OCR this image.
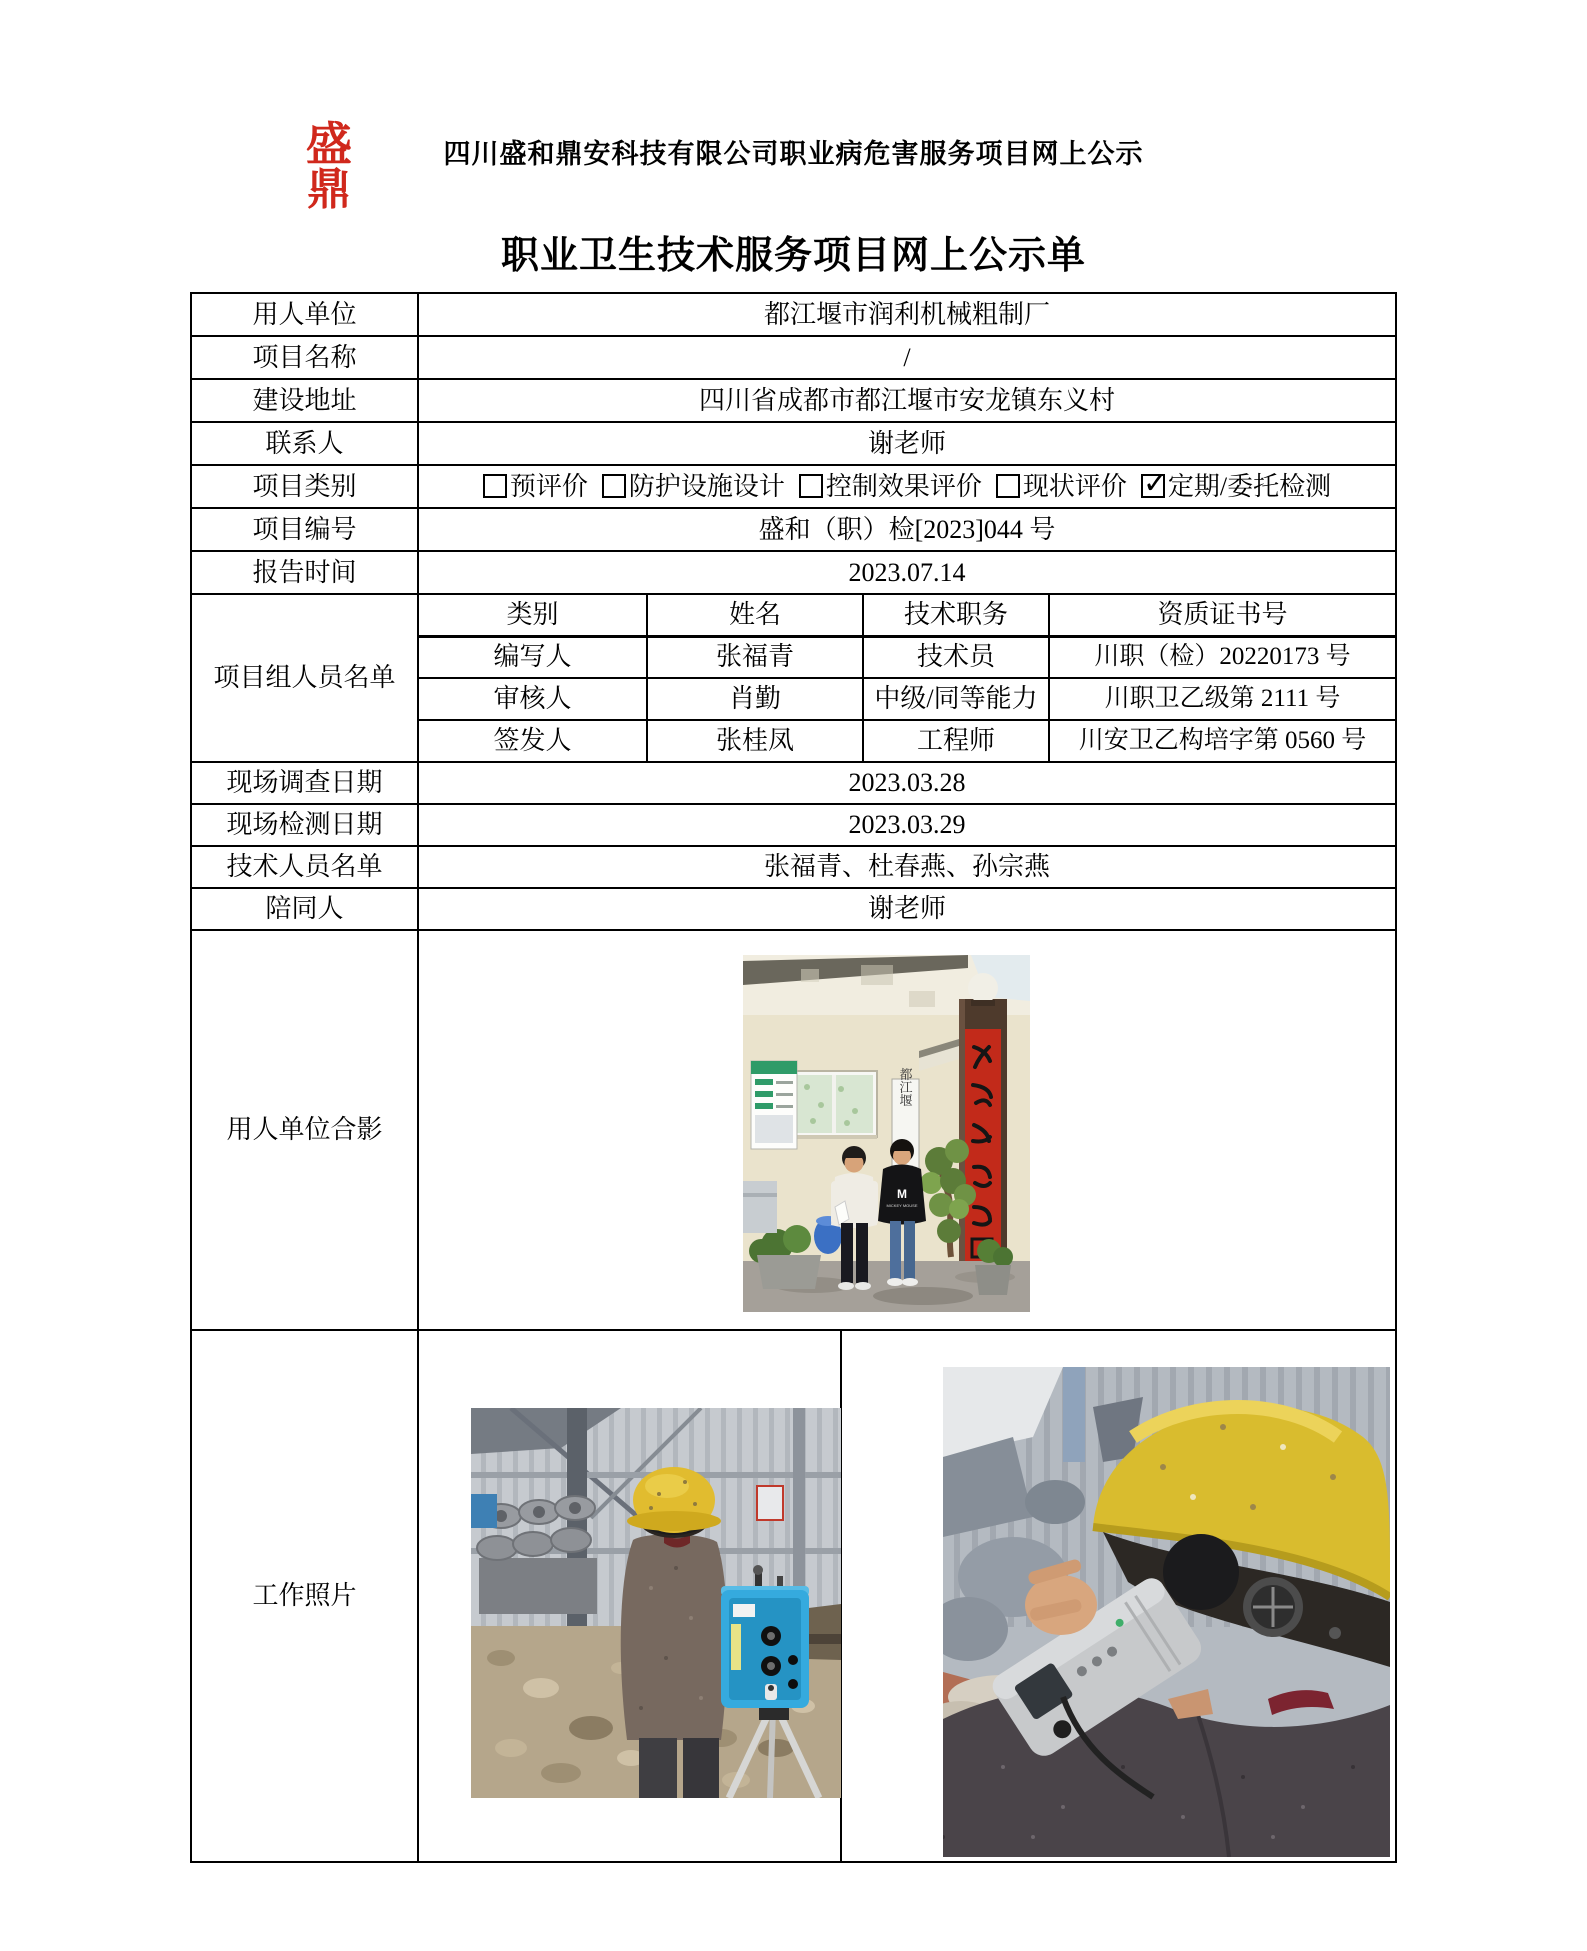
盛
鼎
四川盛和鼎安科技有限公司职业病危害服务项目网上公示
职业卫生技术服务项目网上公示单
用人单位	都江堰市润利机械粗制厂			
项目名称	/			
建设地址	四川省成都市都江堰市安龙镇东义村			
联系人	谢老师			
项目类别	预评价 防护设施设计 控制效果评价 现状评价 ✓ 定期/委托检测

项目编号	盛和（职）检[2023]044 号			
报告时间	2023.07.14			
项目组人员名单	类别	姓名	技术职务	资质证书号
	编写人	张福青	技术员	川职（检）20220173 号
	审核人	肖勤	中级/同等能力	川职卫乙级第 2111 号
	签发人	张桂凤	工程师	川安卫乙构培字第 0560 号
现场调查日期	2023.03.28			
现场检测日期	2023.03.29			
技术人员名单	张福青、杜春燕、孙宗燕			
陪同人	谢老师			
用人单位合影	都江堰
M
MICKEY MOUSE			

工作照片	
